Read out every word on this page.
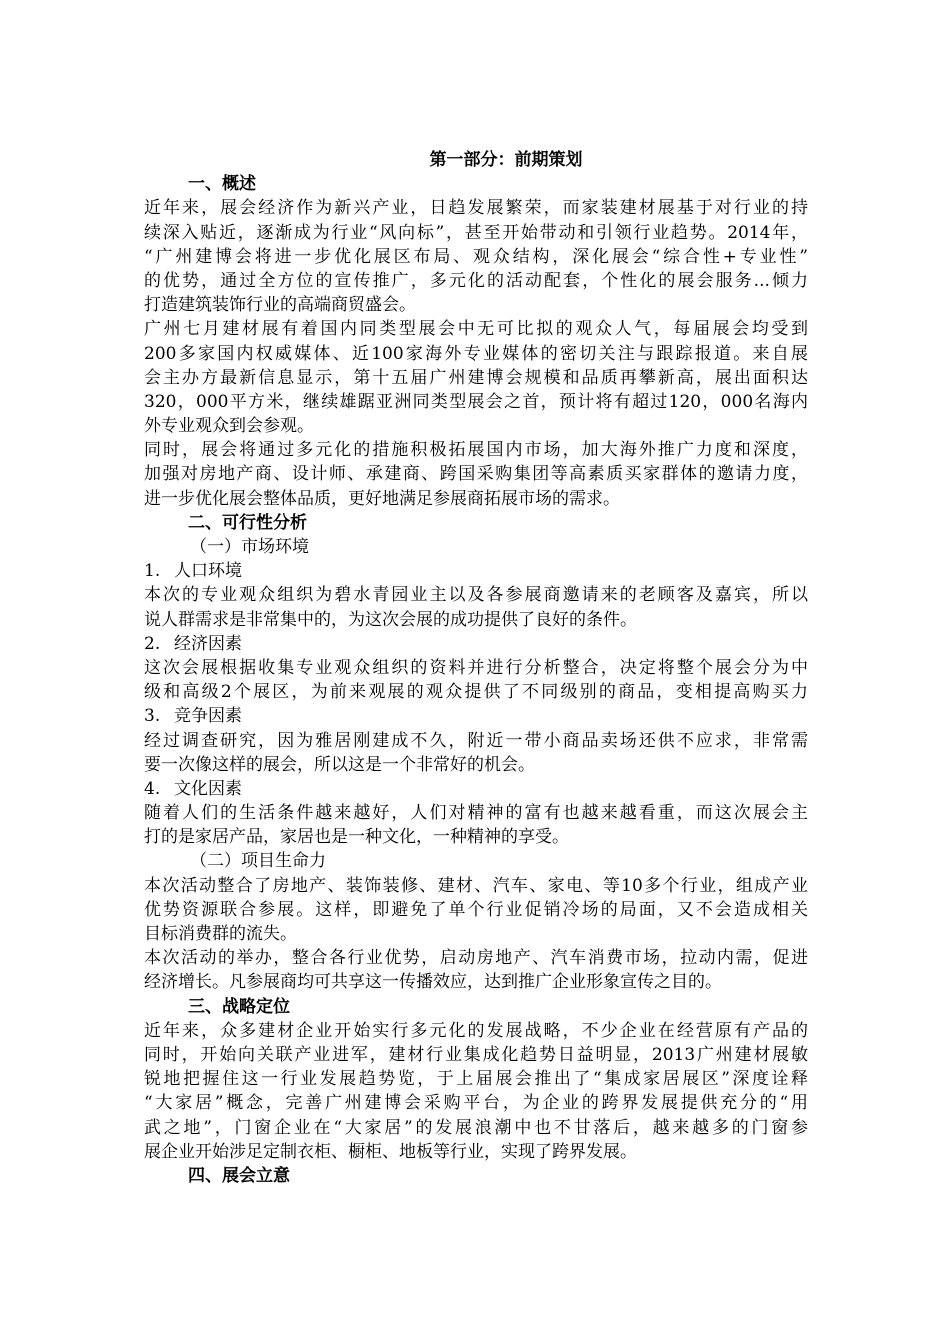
第一部分：前期策划
一、概述
近年来，展会经济作为新兴产业，日趋发展繁荣，而家装建材展基于对行业的持
续深入贴近，逐渐成为行业“风向标”，甚至开始带动和引领行业趋势。2014年，
“广州建博会将进一步优化展区布局、观众结构，深化展会“综合性+专业性”
的优势，通过全方位的宣传推广，多元化的活动配套，个性化的展会服务...倾力
打造建筑装饰行业的高端商贸盛会。
广州七月建材展有着国内同类型展会中无可比拟的观众人气，每届展会均受到
200多家国内权威媒体、近100家海外专业媒体的密切关注与跟踪报道。来自展
会主办方最新信息显示，第十五届广州建博会规模和品质再攀新高，展出面积达
320，000平方米，继续雄踞亚洲同类型展会之首，预计将有超过120，000名海内
外专业观众到会参观。
同时，展会将通过多元化的措施积极拓展国内市场，加大海外推广力度和深度，
加强对房地产商、设计师、承建商、跨国采购集团等高素质买家群体的邀请力度，
进一步优化展会整体品质，更好地满足参展商拓展市场的需求。
二、可行性分析
（一）市场环境
1. 人口环境
本次的专业观众组织为碧水青园业主以及各参展商邀请来的老顾客及嘉宾，所以
说人群需求是非常集中的，为这次会展的成功提供了良好的条件。
2. 经济因素
这次会展根据收集专业观众组织的资料并进行分析整合，决定将整个展会分为中
级和高级2个展区，为前来观展的观众提供了不同级别的商品，变相提高购买力
3. 竞争因素
经过调查研究，因为雅居刚建成不久，附近一带小商品卖场还供不应求，非常需
要一次像这样的展会，所以这是一个非常好的机会。
4. 文化因素
随着人们的生活条件越来越好，人们对精神的富有也越来越看重，而这次展会主
打的是家居产品，家居也是一种文化，一种精神的享受。
（二）项目生命力
本次活动整合了房地产、装饰装修、建材、汽车、家电、等10多个行业，组成产业
优势资源联合参展。这样，即避免了单个行业促销冷场的局面，又不会造成相关
目标消费群的流失。
本次活动的举办，整合各行业优势，启动房地产、汽车消费市场，拉动内需，促进
经济增长。凡参展商均可共享这一传播效应，达到推广企业形象宣传之目的。
三、战略定位
近年来，众多建材企业开始实行多元化的发展战略，不少企业在经营原有产品的
同时，开始向关联产业进军，建材行业集成化趋势日益明显，2013广州建材展敏
锐地把握住这一行业发展趋势览，于上届展会推出了“集成家居展区”深度诠释
“大家居”概念，完善广州建博会采购平台，为企业的跨界发展提供充分的“用
武之地”，门窗企业在“大家居”的发展浪潮中也不甘落后，越来越多的门窗参
展企业开始涉足定制衣柜、橱柜、地板等行业，实现了跨界发展。
四、展会立意
